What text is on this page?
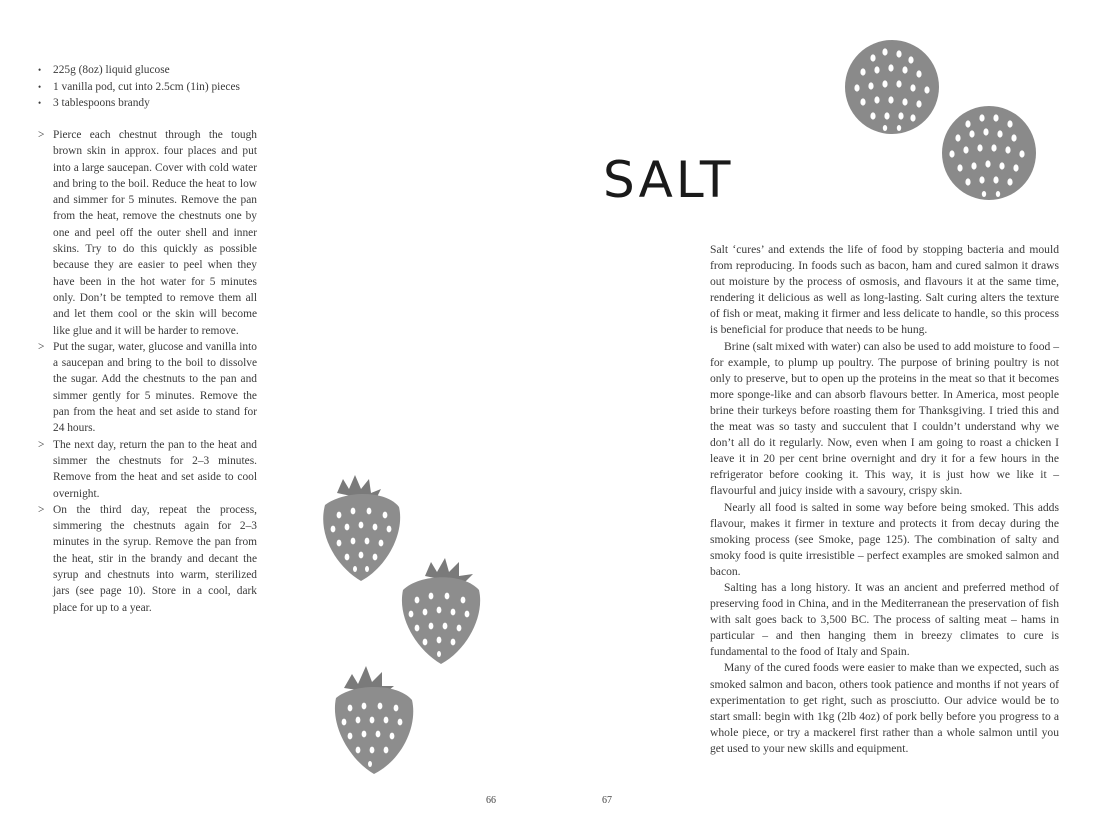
• 225g (8oz) liquid glucose
• 1 vanilla pod, cut into 2.5cm (1in) pieces
• 3 tablespoons brandy
> Pierce each chestnut through the tough brown skin in approx. four places and put into a large saucepan. Cover with cold water and bring to the boil. Reduce the heat to low and simmer for 5 minutes. Remove the pan from the heat, remove the chestnuts one by one and peel off the outer shell and inner skins. Try to do this quickly as possible because they are easier to peel when they have been in the hot water for 5 minutes only. Don’t be tempted to remove them all and let them cool or the skin will become like glue and it will be harder to remove.
> Put the sugar, water, glucose and vanilla into a saucepan and bring to the boil to dissolve the sugar. Add the chestnuts to the pan and simmer gently for 5 minutes. Remove the pan from the heat and set aside to stand for 24 hours.
> The next day, return the pan to the heat and simmer the chestnuts for 2–3 minutes. Remove from the heat and set aside to cool overnight.
> On the third day, repeat the process, simmering the chestnuts again for 2–3 minutes in the syrup. Remove the pan from the heat, stir in the brandy and decant the syrup and chestnuts into warm, sterilized jars (see page 10). Store in a cool, dark place for up to a year.
66
SALT

Salt ‘cures’ and extends the life of food by stopping bacteria and mould from reproducing. In foods such as bacon, ham and cured salmon it draws out moisture by the process of osmosis, and flavours it at the same time, rendering it delicious as well as long-lasting. Salt curing alters the texture of fish or meat, making it firmer and less delicate to handle, so this process is beneficial for produce that needs to be hung.

Brine (salt mixed with water) can also be used to add moisture to food – for example, to plump up poultry. The purpose of brining poultry is not only to preserve, but to open up the proteins in the meat so that it becomes more sponge-like and can absorb flavours better. In America, most people brine their turkeys before roasting them for Thanksgiving. I tried this and the meat was so tasty and succulent that I couldn’t understand why we don’t all do it regularly. Now, even when I am going to roast a chicken I leave it in 20 per cent brine overnight and dry it for a few hours in the refrigerator before cooking it. This way, it is just how we like it – flavourful and juicy inside with a savoury, crispy skin.

Nearly all food is salted in some way before being smoked. This adds flavour, makes it firmer in texture and protects it from decay during the smoking process (see Smoke, page 125). The combination of salty and smoky food is quite irresistible – perfect examples are smoked salmon and bacon.

Salting has a long history. It was an ancient and preferred method of preserving food in China, and in the Mediterranean the preservation of fish with salt goes back to 3,500 BC. The process of salting meat – hams in particular – and then hanging them in breezy climates to cure is fundamental to the food of Italy and Spain.

Many of the cured foods were easier to make than we expected, such as smoked salmon and bacon, others took patience and months if not years of experimentation to get right, such as prosciutto. Our advice would be to start small: begin with 1kg (2lb 4oz) of pork belly before you progress to a whole piece, or try a mackerel first rather than a whole salmon until you get used to your new skills and equipment.

67
